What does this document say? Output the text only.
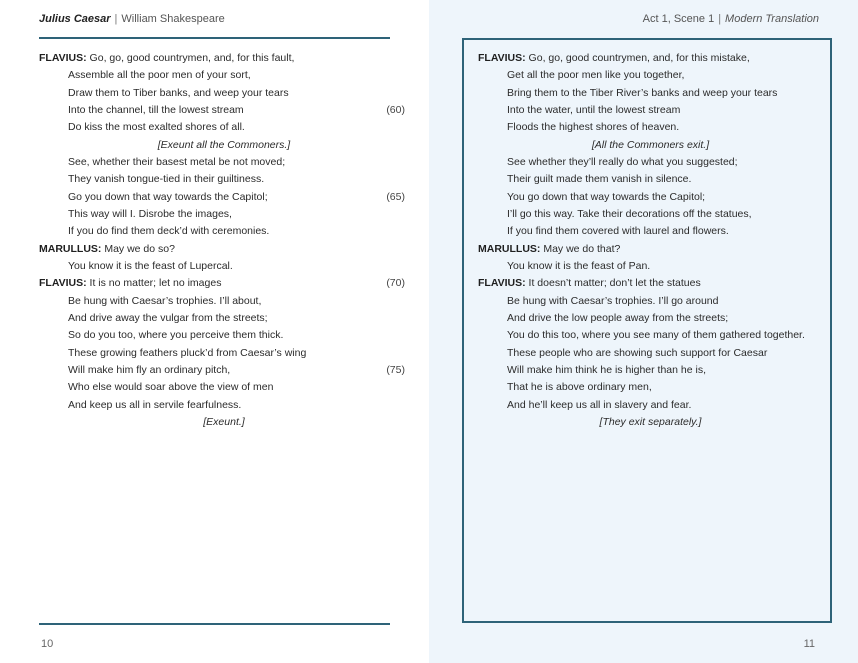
Julius Caesar | William Shakespeare	Act 1, Scene 1 | Modern Translation
FLAVIUS: Go, go, good countrymen, and, for this fault,
Assemble all the poor men of your sort,
Draw them to Tiber banks, and weep your tears
Into the channel, till the lowest stream	(60)
Do kiss the most exalted shores of all.
[Exeunt all the Commoners.]
See, whether their basest metal be not moved;
They vanish tongue-tied in their guiltiness.
Go you down that way towards the Capitol;	(65)
This way will I. Disrobe the images,
If you do find them deck’d with ceremonies.
MARULLUS: May we do so?
You know it is the feast of Lupercal.
FLAVIUS: It is no matter; let no images	(70)
Be hung with Caesar’s trophies. I’ll about,
And drive away the vulgar from the streets;
So do you too, where you perceive them thick.
These growing feathers pluck’d from Caesar’s wing
Will make him fly an ordinary pitch,	(75)
Who else would soar above the view of men
And keep us all in servile fearfulness.
[Exeunt.]
FLAVIUS: Go, go, good countrymen, and, for this mistake,
Get all the poor men like you together,
Bring them to the Tiber River’s banks and weep your tears
Into the water, until the lowest stream
Floods the highest shores of heaven.
[All the Commoners exit.]
See whether they’ll really do what you suggested;
Their guilt made them vanish in silence.
You go down that way towards the Capitol;
I’ll go this way. Take their decorations off the statues,
If you find them covered with laurel and flowers.
MARULLUS: May we do that?
You know it is the feast of Pan.
FLAVIUS: It doesn’t matter; don’t let the statues
Be hung with Caesar’s trophies. I’ll go around
And drive the low people away from the streets;
You do this too, where you see many of them gathered together.
These people who are showing such support for Caesar
Will make him think he is higher than he is,
That he is above ordinary men,
And he’ll keep us all in slavery and fear.
[They exit separately.]
10	11
